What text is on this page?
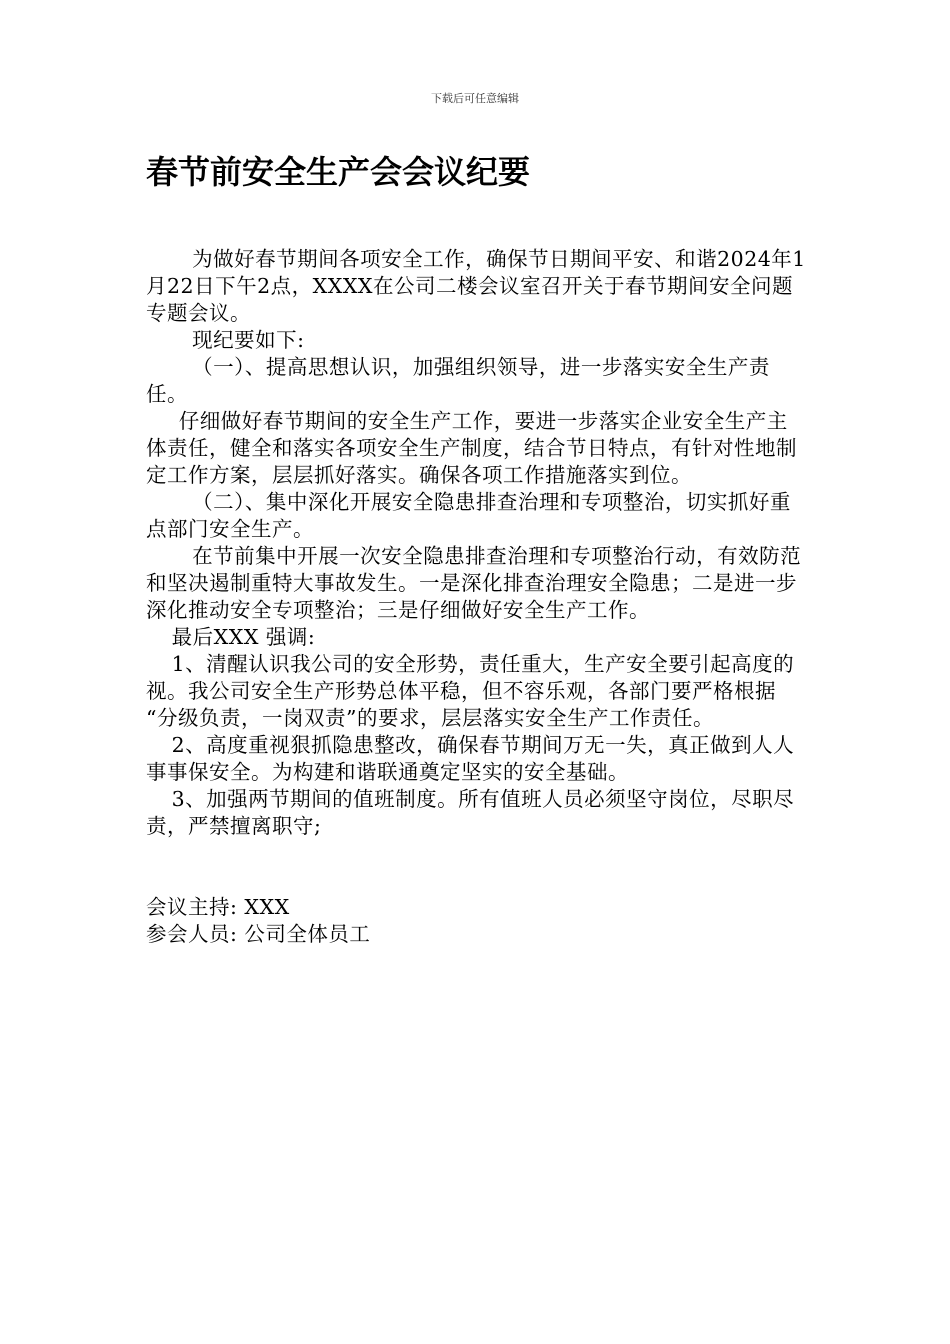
下载后可任意编辑
春节前安全生产会会议纪要

为做好春节期间各项安全工作，确保节日期间平安、和谐2024年1月22日下午2点，XXXX在公司二楼会议室召开关于春节期间安全问题专题会议。

现纪要如下:

（一）、提高思想认识，加强组织领导，进一步落实安全生产责任。

仔细做好春节期间的安全生产工作，要进一步落实企业安全生产主体责任，健全和落实各项安全生产制度，结合节日特点，有针对性地制定工作方案，层层抓好落实。确保各项工作措施落实到位。

（二）、集中深化开展安全隐患排查治理和专项整治，切实抓好重点部门安全生产。

在节前集中开展一次安全隐患排查治理和专项整治行动，有效防范和坚决遏制重特大事故发生。一是深化排查治理安全隐患；二是进一步深化推动安全专项整治；三是仔细做好安全生产工作。

最后XXX 强调:

1、清醒认识我公司的安全形势，责任重大，生产安全要引起高度的 视。我公司安全生产形势总体平稳，但不容乐观，各部门要严格根据 “分级负责，一岗双责”的要求，层层落实安全生产工作责任。

2、高度重视狠抓隐患整改，确保春节期间万无一失，真正做到人人事事保安全。为构建和谐联通奠定坚实的安全基础。

3、加强两节期间的值班制度。所有值班人员必须坚守岗位，尽职尽责，严禁擅离职守;

会议主持: XXX

参会人员: 公司全体员工
